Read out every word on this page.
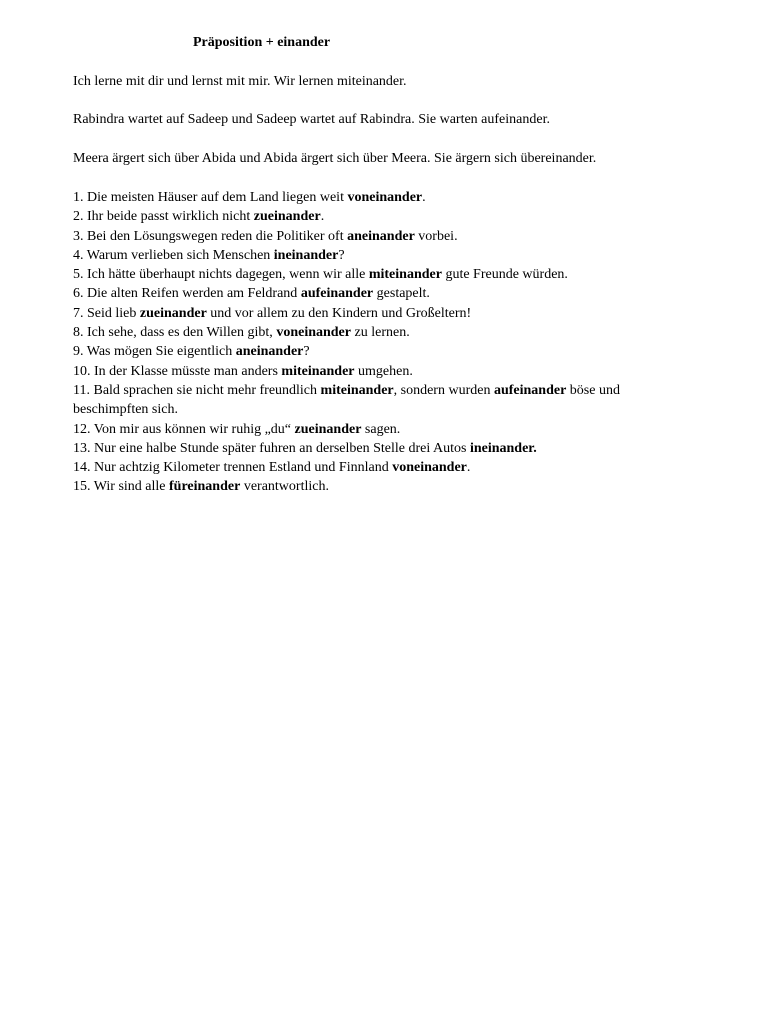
Präposition + einander
Ich lerne mit dir und lernst mit mir. Wir lernen miteinander.
Rabindra wartet auf Sadeep und Sadeep wartet auf Rabindra. Sie warten aufeinander.
Meera ärgert sich über Abida und Abida ärgert sich über Meera. Sie ärgern sich übereinander.
1. Die meisten Häuser auf dem Land liegen weit voneinander.
2. Ihr beide passt wirklich nicht zueinander.
3. Bei den Lösungswegen reden die Politiker oft aneinander vorbei.
4. Warum verlieben sich Menschen ineinander?
5. Ich hätte überhaupt nichts dagegen, wenn wir alle miteinander gute Freunde würden.
6. Die alten Reifen werden am Feldrand aufeinander gestapelt.
7. Seid lieb zueinander und vor allem zu den Kindern und Großeltern!
8. Ich sehe, dass es den Willen gibt, voneinander zu lernen.
9. Was mögen Sie eigentlich aneinander?
10. In der Klasse müsste man anders miteinander umgehen.
11. Bald sprachen sie nicht mehr freundlich miteinander, sondern wurden aufeinander böse und beschimpften sich.
12. Von mir aus können wir ruhig „du“ zueinander sagen.
13. Nur eine halbe Stunde später fuhren an derselben Stelle drei Autos ineinander.
14. Nur achtzig Kilometer trennen Estland und Finnland voneinander.
15. Wir sind alle füreinander verantwortlich.
